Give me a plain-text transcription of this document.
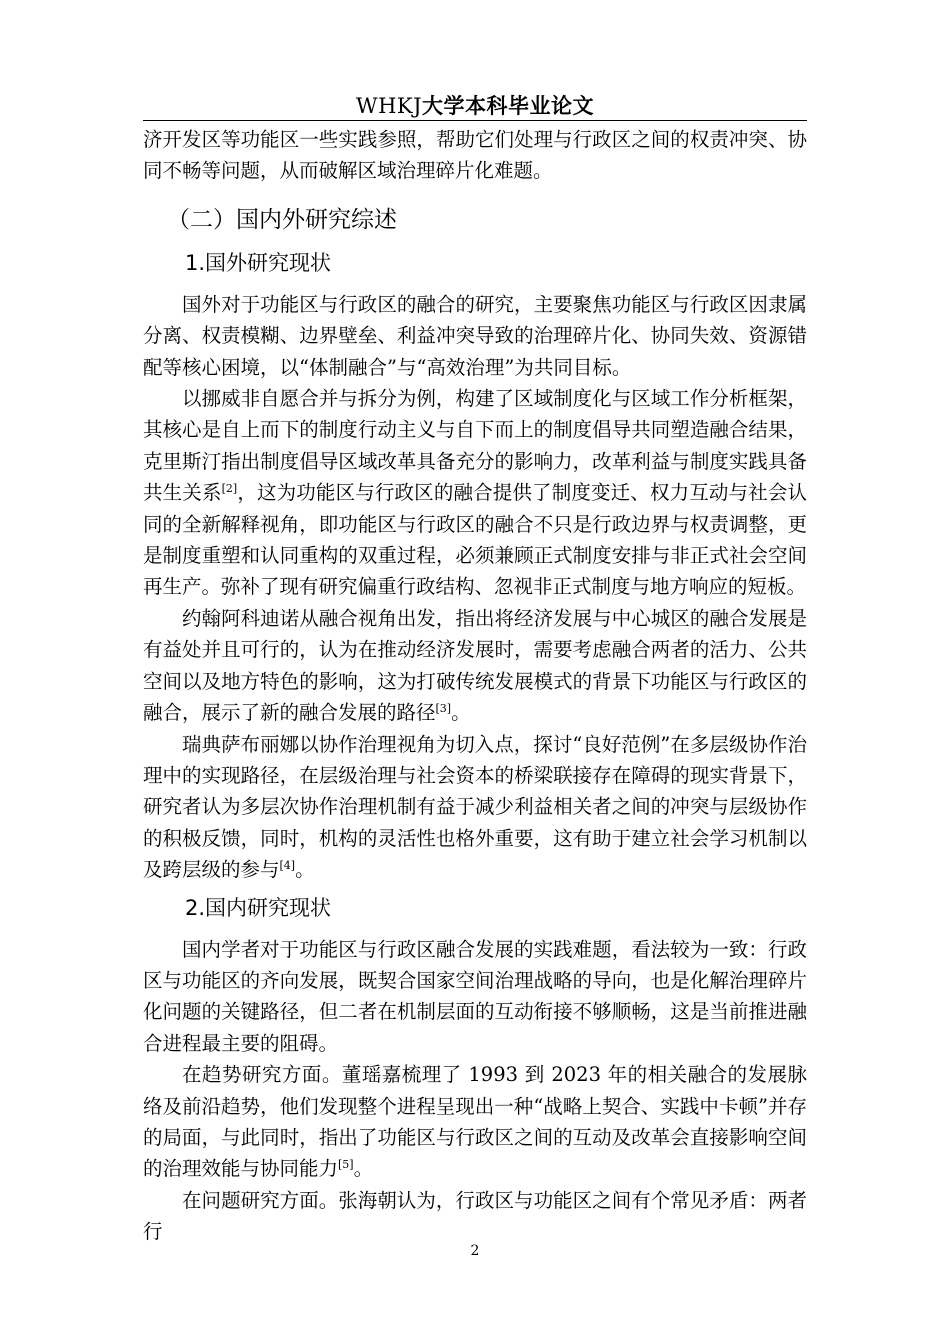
WHKJ大学本科毕业论文

济开发区等功能区一些实践参照，帮助它们处理与行政区之间的权责冲突、协同不畅等问题，从而破解区域治理碎片化难题。

（二）国内外研究综述
1.国外研究现状

国外对于功能区与行政区的融合的研究，主要聚焦功能区与行政区因隶属分离、权责模糊、边界壁垒、利益冲突导致的治理碎片化、协同失效、资源错配等核心困境，以“体制融合”与“高效治理”为共同目标。

以挪威非自愿合并与拆分为例，构建了区域制度化与区域工作分析框架，其核心是自上而下的制度行动主义与自下而上的制度倡导共同塑造融合结果，克里斯汀指出制度倡导区域改革具备充分的影响力，改革利益与制度实践具备共生关系[2]，这为功能区与行政区的融合提供了制度变迁、权力互动与社会认同的全新解释视角，即功能区与行政区的融合不只是行政边界与权责调整，更是制度重塑和认同重构的双重过程，必须兼顾正式制度安排与非正式社会空间再生产。弥补了现有研究偏重行政结构、忽视非正式制度与地方响应的短板。

约翰阿科迪诺从融合视角出发，指出将经济发展与中心城区的融合发展是有益处并且可行的，认为在推动经济发展时，需要考虑融合两者的活力、公共空间以及地方特色的影响，这为打破传统发展模式的背景下功能区与行政区的融合，展示了新的融合发展的路径[3]。

瑞典萨布丽娜以协作治理视角为切入点，探讨“良好范例”在多层级协作治理中的实现路径，在层级治理与社会资本的桥梁联接存在障碍的现实背景下，研究者认为多层次协作治理机制有益于减少利益相关者之间的冲突与层级协作的积极反馈，同时，机构的灵活性也格外重要，这有助于建立社会学习机制以及跨层级的参与[4]。

2.国内研究现状

国内学者对于功能区与行政区融合发展的实践难题，看法较为一致：行政区与功能区的齐向发展，既契合国家空间治理战略的导向，也是化解治理碎片化问题的关键路径，但二者在机制层面的互动衔接不够顺畅，这是当前推进融合进程最主要的阻碍。

在趋势研究方面。董瑶嘉梳理了 1993 到 2023 年的相关融合的发展脉络及前沿趋势，他们发现整个进程呈现出一种“战略上契合、实践中卡顿”并存的局面，与此同时，指出了功能区与行政区之间的互动及改革会直接影响空间的治理效能与协同能力[5]。

在问题研究方面。张海朝认为，行政区与功能区之间有个常见矛盾：两者行

2
